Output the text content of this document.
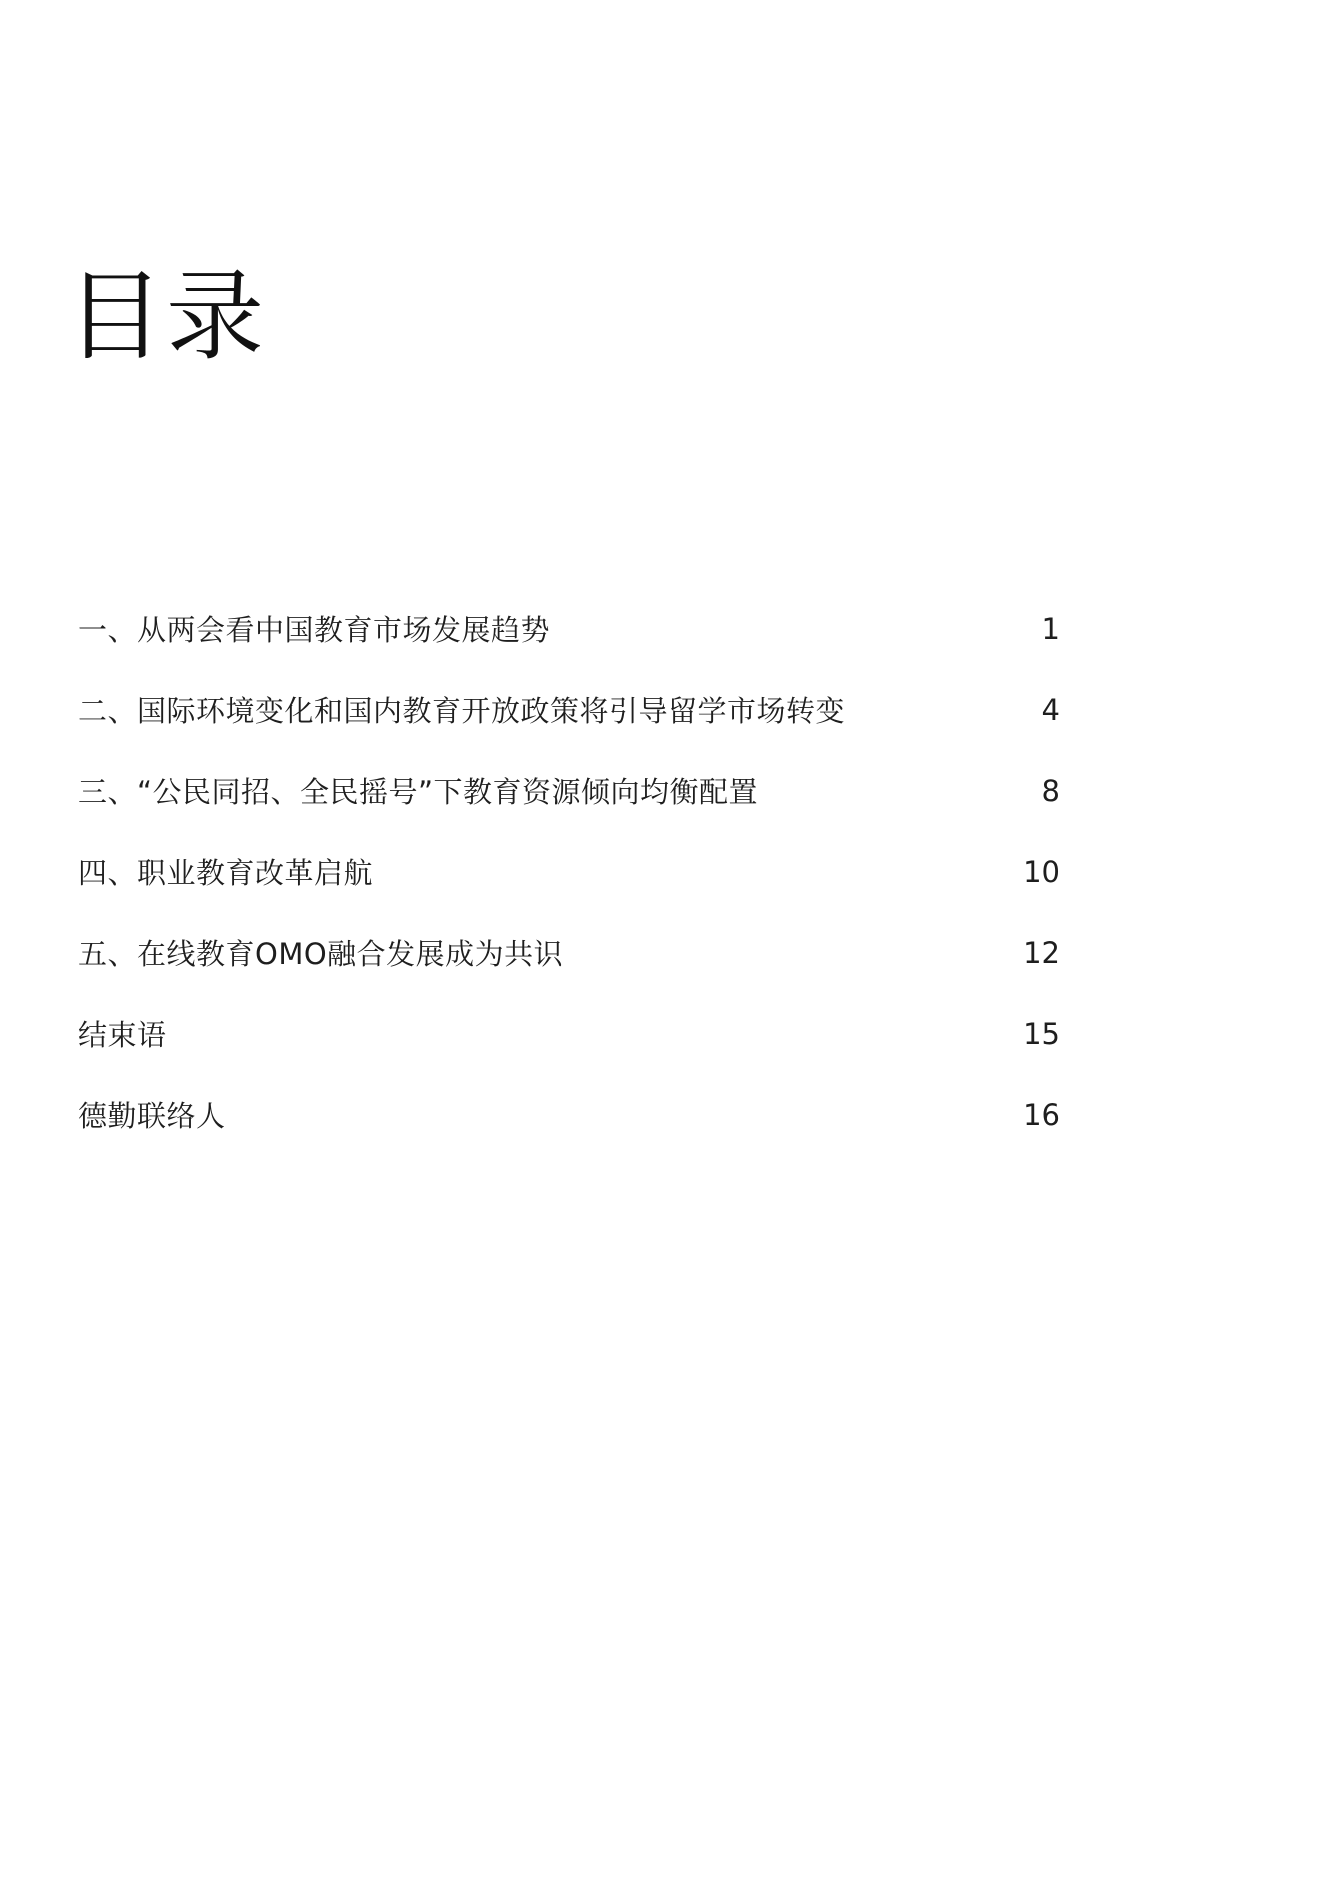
目录
一、从两会看中国教育市场发展趋势	1
二、国际环境变化和国内教育开放政策将引导留学市场转变	4
三、“公民同招、全民摇号”下教育资源倾向均衡配置	8
四、职业教育改革启航	10
五、在线教育OMO融合发展成为共识	12
结束语	15
德勤联络人	16
